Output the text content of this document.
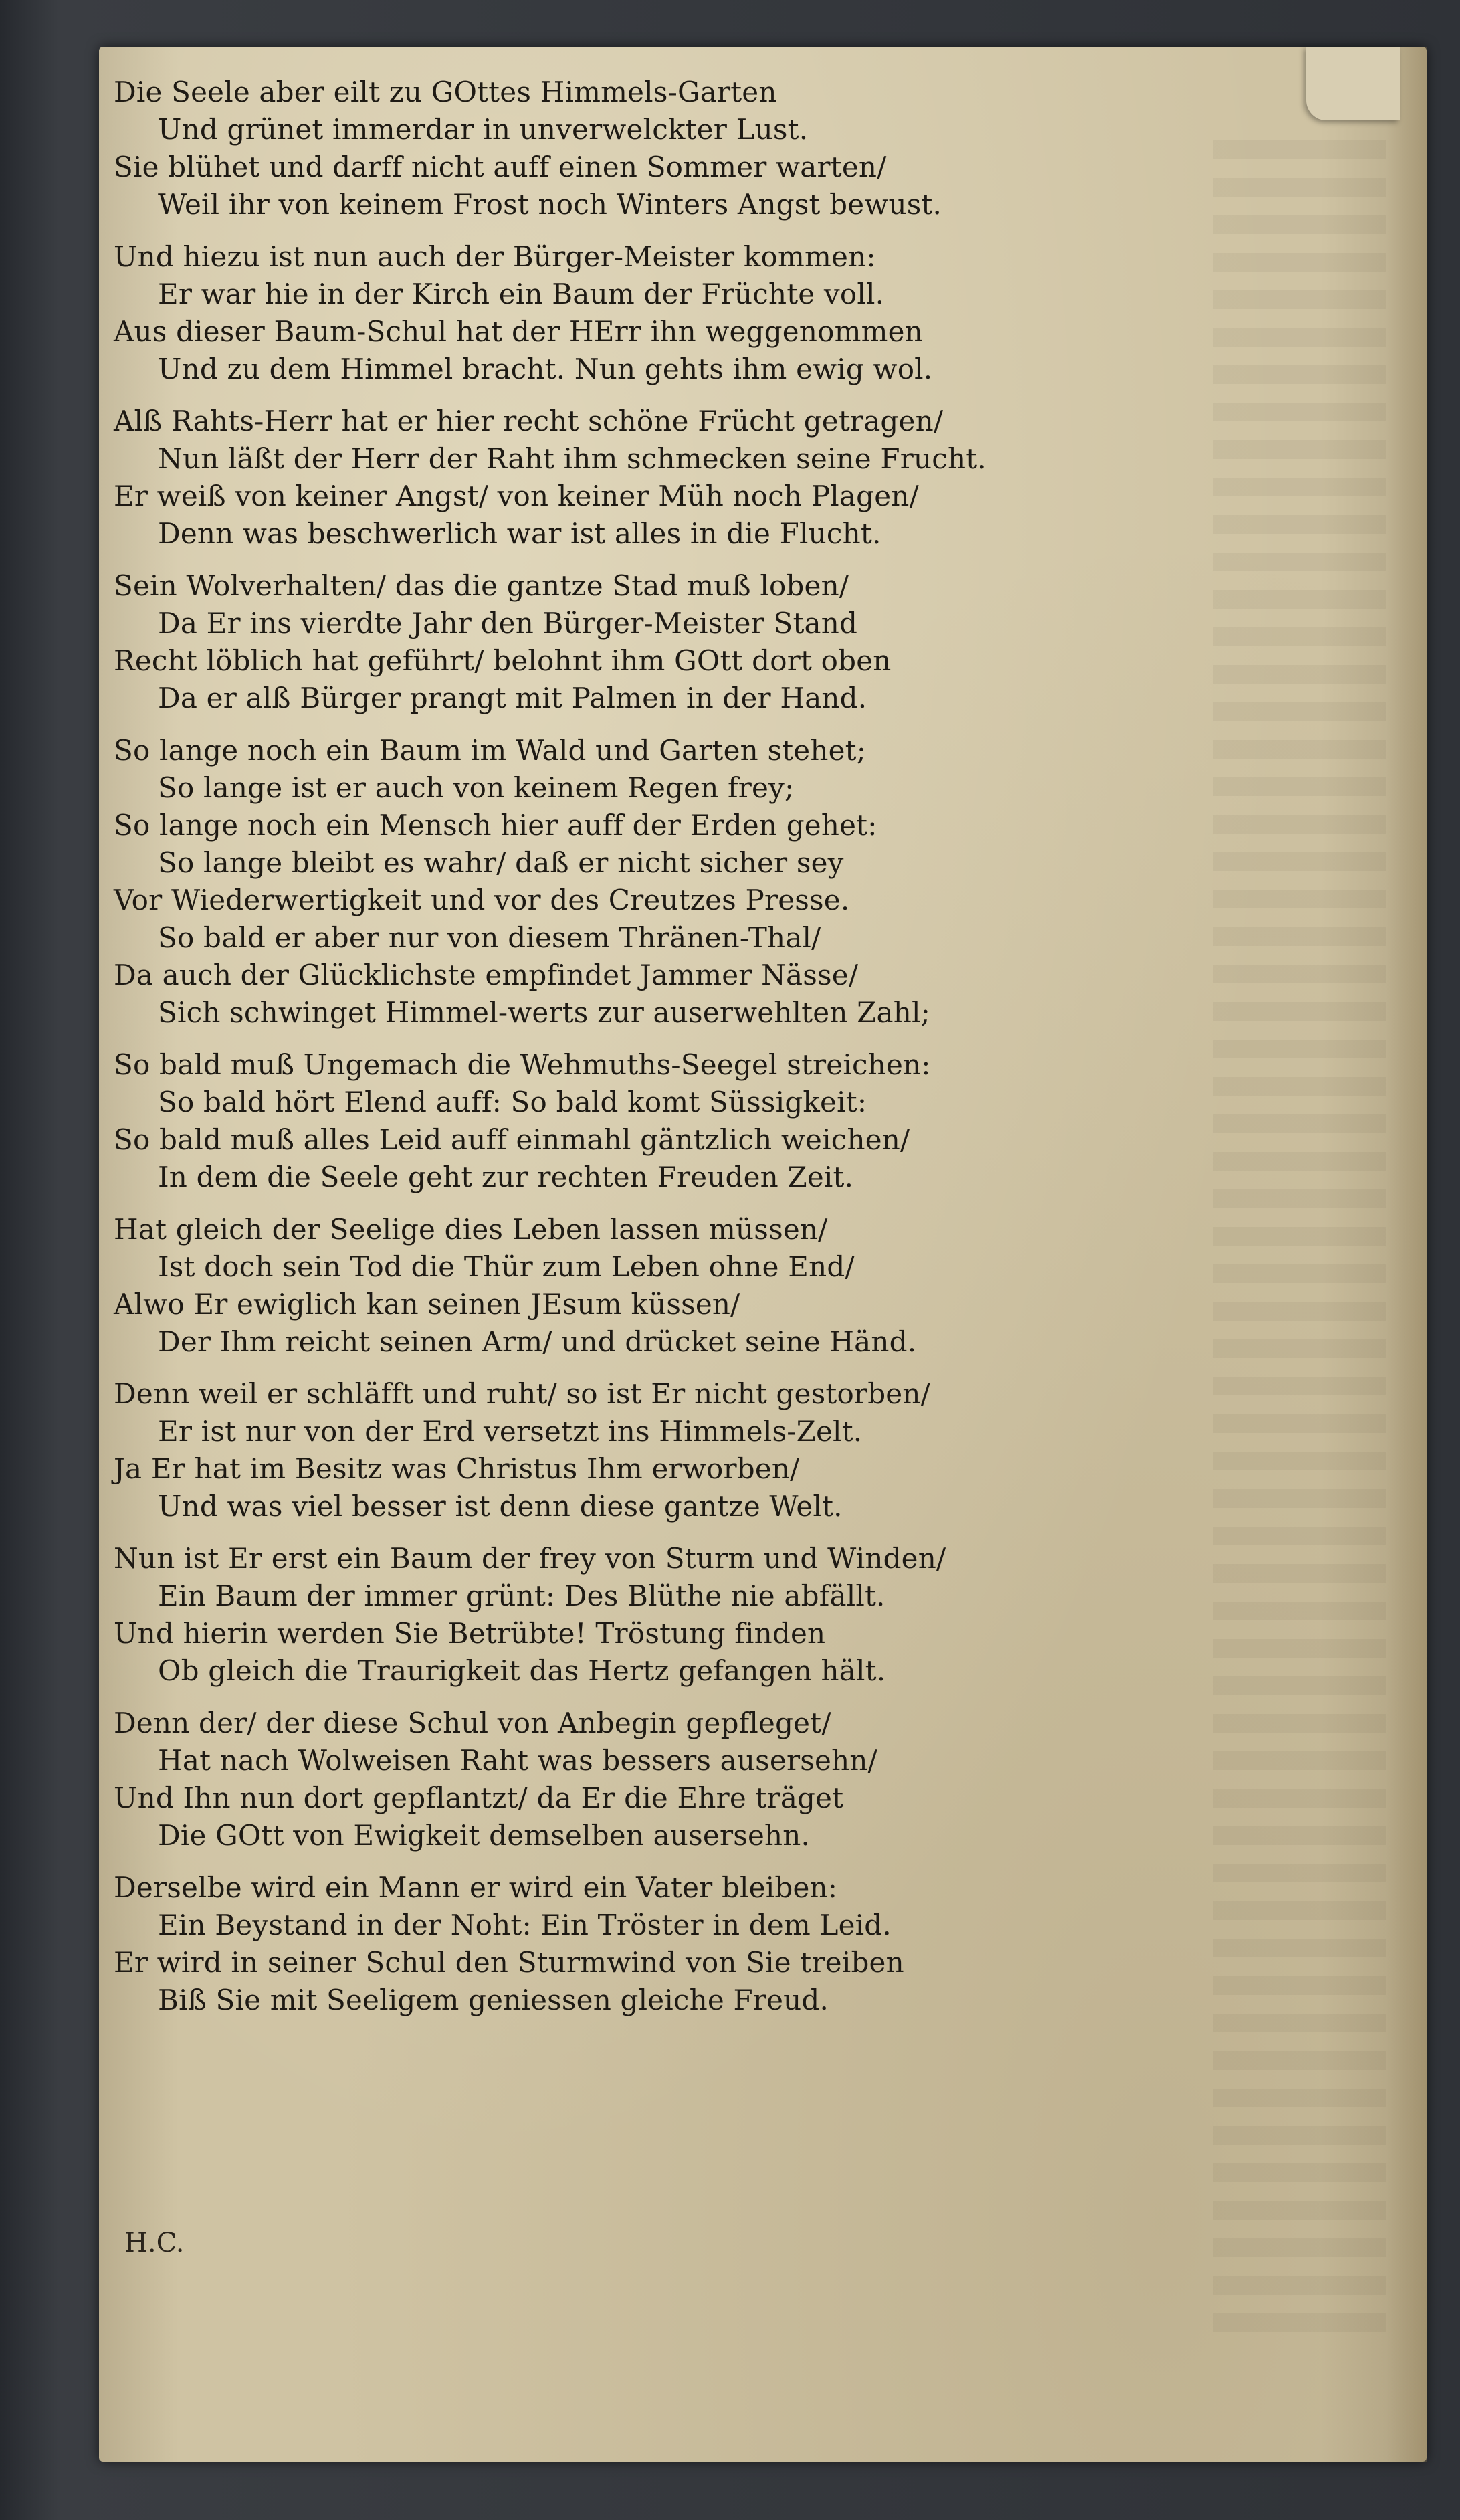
Die Seele aber eilt zu GOttes Himmels-Garten
Und grünet immerdar in unverwelckter Lust.
Sie blühet und darff nicht auff einen Sommer warten/
Weil ihr von keinem Frost noch Winters Angst bewust.
Und hiezu ist nun auch der Bürger-Meister kommen:
Er war hie in der Kirch ein Baum der Früchte voll.
Aus dieser Baum-Schul hat der HErr ihn weggenommen
Und zu dem Himmel bracht. Nun gehts ihm ewig wol.
Alß Rahts-Herr hat er hier recht schöne Frücht getragen/
Nun läßt der Herr der Raht ihm schmecken seine Frucht.
Er weiß von keiner Angst/ von keiner Müh noch Plagen/
Denn was beschwerlich war ist alles in die Flucht.
Sein Wolverhalten/ das die gantze Stad muß loben/
Da Er ins vierdte Jahr den Bürger-Meister Stand
Recht löblich hat geführt/ belohnt ihm GOtt dort oben
Da er alß Bürger prangt mit Palmen in der Hand.
So lange noch ein Baum im Wald und Garten stehet;
So lange ist er auch von keinem Regen frey;
So lange noch ein Mensch hier auff der Erden gehet:
So lange bleibt es wahr/ daß er nicht sicher sey
Vor Wiederwertigkeit und vor des Creutzes Presse.
So bald er aber nur von diesem Thränen-Thal/
Da auch der Glücklichste empfindet Jammer Nässe/
Sich schwinget Himmel-werts zur auserwehlten Zahl;
So bald muß Ungemach die Wehmuths-Seegel streichen:
So bald hört Elend auff: So bald komt Süssigkeit:
So bald muß alles Leid auff einmahl gäntzlich weichen/
In dem die Seele geht zur rechten Freuden Zeit.
Hat gleich der Seelige dies Leben lassen müssen/
Ist doch sein Tod die Thür zum Leben ohne End/
Alwo Er ewiglich kan seinen JEsum küssen/
Der Ihm reicht seinen Arm/ und drücket seine Händ.
Denn weil er schläfft und ruht/ so ist Er nicht gestorben/
Er ist nur von der Erd versetzt ins Himmels-Zelt.
Ja Er hat im Besitz was Christus Ihm erworben/
Und was viel besser ist denn diese gantze Welt.
Nun ist Er erst ein Baum der frey von Sturm und Winden/
Ein Baum der immer grünt: Des Blüthe nie abfällt.
Und hierin werden Sie Betrübte! Tröstung finden
Ob gleich die Traurigkeit das Hertz gefangen hält.
Denn der/ der diese Schul von Anbegin gepfleget/
Hat nach Wolweisen Raht was bessers ausersehn/
Und Ihn nun dort gepflantzt/ da Er die Ehre träget
Die GOtt von Ewigkeit demselben ausersehn.
Derselbe wird ein Mann er wird ein Vater bleiben:
Ein Beystand in der Noht: Ein Tröster in dem Leid.
Er wird in seiner Schul den Sturmwind von Sie treiben
Biß Sie mit Seeligem geniessen gleiche Freud.
H.C.
